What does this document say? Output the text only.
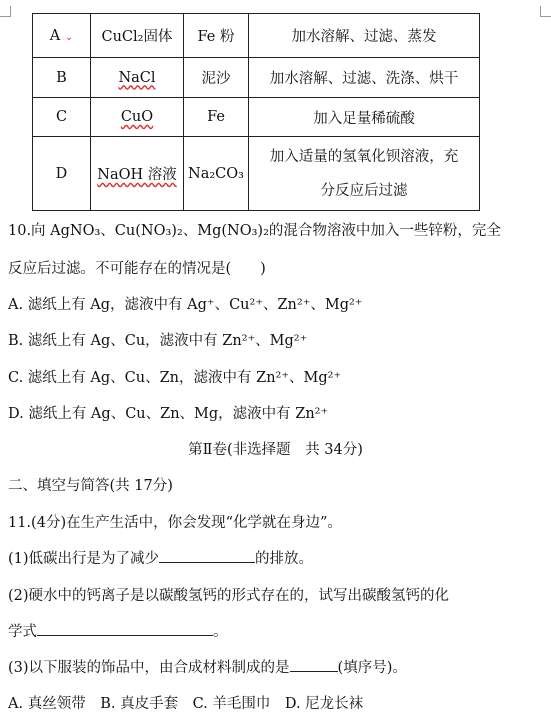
A ⌄	CuCl₂固体	Fe 粉	加水溶解、过滤、蒸发
B	NaCl	泥沙	加水溶解、过滤、洗涤、烘干
C	CuO	Fe	加入足量稀硫酸
D	NaOH 溶液	Na₂CO₃	加入适量的氢氧化钡溶液，充
分反应后过滤
10.向 AgNO₃、Cu(NO₃)₂、Mg(NO₃)₂的混合物溶液中加入一些锌粉，完全
反应后过滤。不可能存在的情况是(　　)
A. 滤纸上有 Ag，滤液中有 Ag⁺、Cu²⁺、Zn²⁺、Mg²⁺
B. 滤纸上有 Ag、Cu，滤液中有 Zn²⁺、Mg²⁺
C. 滤纸上有 Ag、Cu、Zn，滤液中有 Zn²⁺、Mg²⁺
D. 滤纸上有 Ag、Cu、Zn、Mg，滤液中有 Zn²⁺
第Ⅱ卷(非选择题　共 34分)
二、填空与简答(共 17分)
11.(4分)在生产生活中，你会发现“化学就在身边”。
(1)低碳出行是为了减少	的排放。
(2)硬水中的钙离子是以碳酸氢钙的形式存在的，试写出碳酸氢钙的化
学式	。
(3)以下服装的饰品中，由合成材料制成的是	(填序号)。
A. 真丝领带　B. 真皮手套　C. 羊毛围巾　D. 尼龙长袜
